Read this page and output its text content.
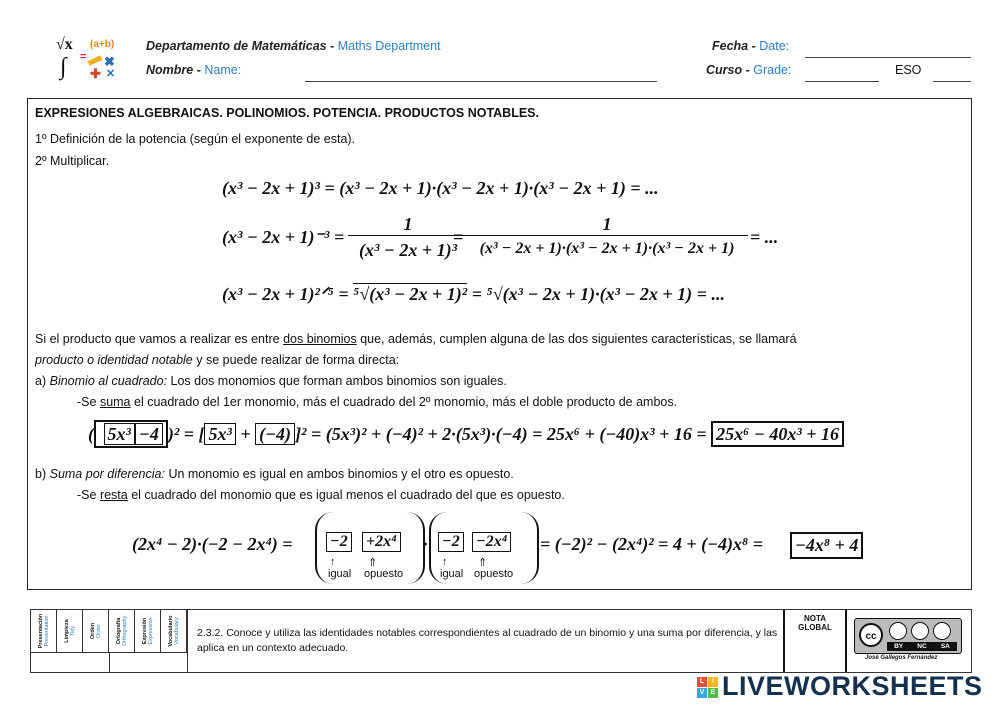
√x (a+b)
=
∫ ✚
✖
✕
Departamento de Matemáticas - Maths Department
Nombre - Name:
Fecha - Date:
Curso - Grade:	ESO
EXPRESIONES ALGEBRAICAS. POLINOMIOS. POTENCIA. PRODUCTOS NOTABLES.
1º Definición de la potencia (según el exponente de esta).
2º Multiplicar.
(x³ − 2x + 1)³ = (x³ − 2x + 1)·(x³ − 2x + 1)·(x³ − 2x + 1) = ...
(x³ − 2x + 1)⁻³ =
1
(x³ − 2x + 1)³
=
1
(x³ − 2x + 1)·(x³ − 2x + 1)·(x³ − 2x + 1)
= ...
(x³ − 2x + 1)²ᐟ⁵ = ⁵√(x³ − 2x + 1)² = ⁵√(x³ − 2x + 1)·(x³ − 2x + 1) = ...
Si el producto que vamos a realizar es entre dos binomios que, además, cumplen alguna de las dos siguientes características, se llamará
producto o identidad notable y se puede realizar de forma directa:
a) Binomio al cuadrado: Los dos monomios que forman ambos binomios son iguales.
-Se suma el cuadrado del 1er monomio, más el cuadrado del 2º monomio, más el doble producto de ambos.
( 5x³ −4 )² = [ 5x³ + (−4) ]² = (5x³)² + (−4)² + 2·(5x³)·(−4) = 25x⁶ + (−40)x³ + 16 = 25x⁶ − 40x³ + 16
b) Suma por diferencia: Un monomio es igual en ambos binomios y el otro es opuesto.
-Se resta el cuadrado del monomio que es igual menos el cuadrado del que es opuesto.
(2x⁴ − 2)·(−2 − 2x⁴) = −2 +2x⁴
↑	⇑
igual opuesto
· −2 −2x⁴
↑	⇑
igual opuesto
= (−2)² − (2x⁴)² = 4 + (−4)x⁸ = −4x⁸ + 4
Presentación Presentation	Limpieza Tidy	Orden Order	Ortografía Orthography	Expresión Expression	Vocabulario Vocabulary 2.3.2. Conoce y utiliza las identidades notables correspondientes al cuadrado de un binomio y una suma por diferencia, y las aplica en un contexto adecuado.
NOTA
GLOBAL
cc
BY NC SA
José Gallegos Fernández
L	I
V E LIVEWORKSHEETS
